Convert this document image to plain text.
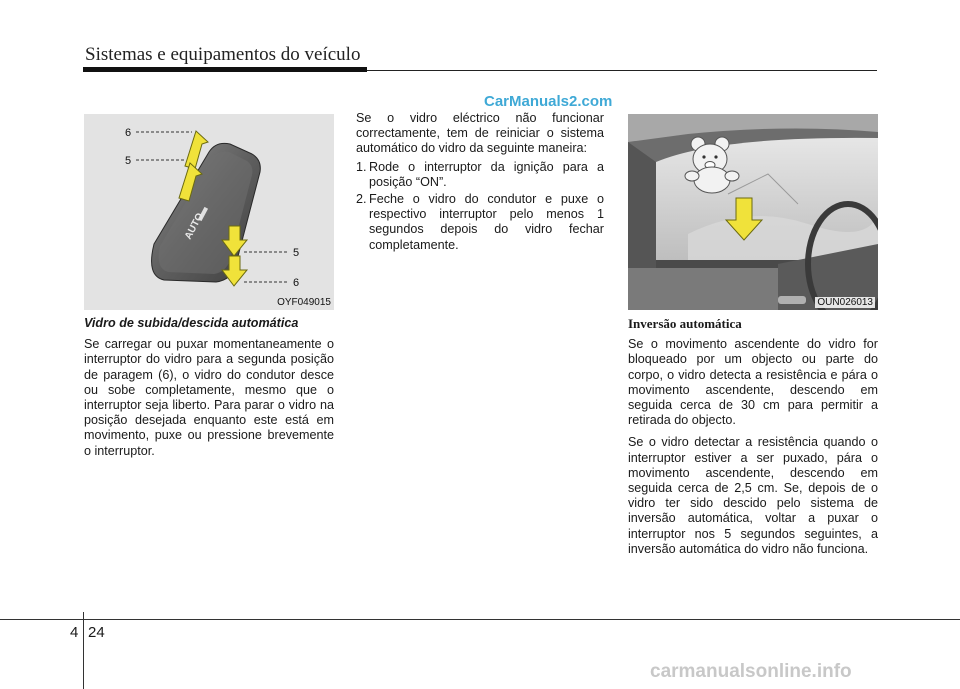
Sistemas e equipamentos do veículo
CarManuals2.com
AUTO
6
5
5
6
OYF049015	OUN026013
Vidro de subida/descida automática

Se carregar ou puxar momentaneamente o interruptor do vidro para a segunda posição de paragem (6), o vidro do condutor desce ou sobe completamente, mesmo que o interruptor seja liberto. Para parar o vidro na posição desejada enquanto este está em movimento, puxe ou pressione brevemente o interruptor.

Se o vidro eléctrico não funcionar correctamente, tem de reiniciar o sistema automático do vidro da seguinte maneira:

1. Rode o interruptor da ignição para a posição “ON”.
2. Feche o vidro do condutor e puxe o respectivo interruptor pelo menos 1 segundos depois do vidro fechar completamente.
Inversão automática

Se o movimento ascendente do vidro for bloqueado por um objecto ou parte do corpo, o vidro detecta a resistência e pára o movimento ascendente, descendo em seguida cerca de 30 cm para permitir a retirada do objecto.

Se o vidro detectar a resistência quando o interruptor estiver a ser puxado, pára o movimento ascendente, descendo em seguida cerca de 2,5 cm. Se, depois de o vidro ter sido descido pelo sistema de inversão automática, voltar a puxar o interruptor nos 5 segundos seguintes, a inversão automática do vidro não funciona.

4 24
carmanualsonline.info
